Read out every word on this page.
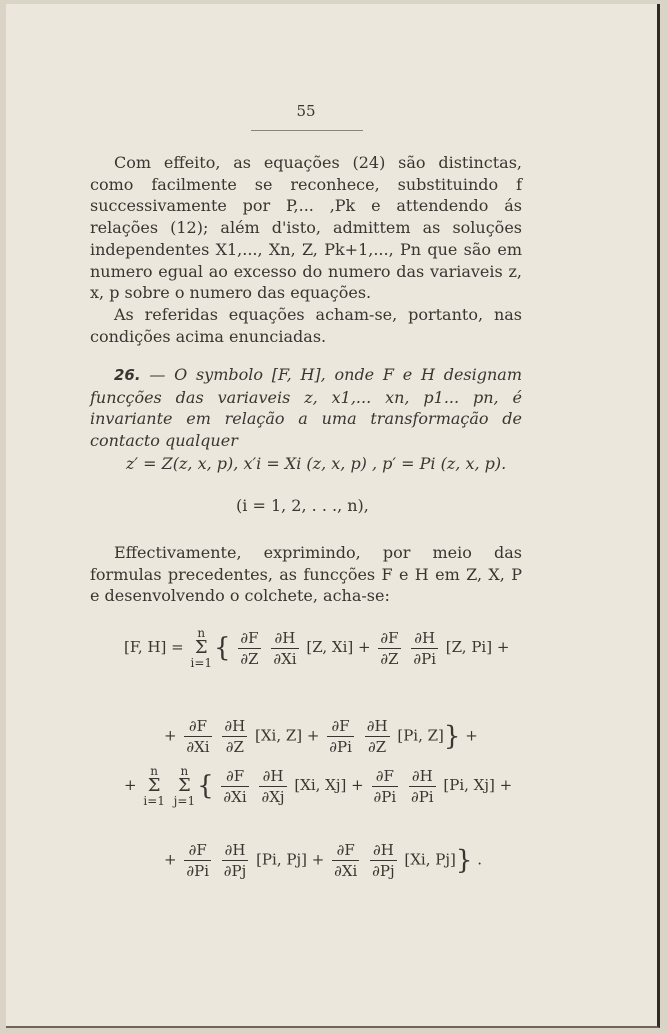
55

Com effeito, as equações (24) são distinctas, como facilmente se reconhece, substituindo f successivamente por P,... ,Pk e attendendo ás relações (12); além d'isto, admittem as soluções independentes X1,..., Xn, Z, Pk+1,..., Pn que são em numero egual ao excesso do numero das variaveis z, x, p sobre o numero das equações.

As referidas equações acham-se, portanto, nas condições acima enunciadas.

26. — O symbolo [F, H], onde F e H designam funcções das variaveis z, x1,... xn, p1... pn, é invariante em relação a uma transformação de contacto qualquer

z′ = Z(z, x, p), x′i = Xi (z, x, p) , p′ = Pi (z, x, p).
(i = 1, 2, . . ., n),

Effectivamente, exprimindo, por meio das formulas precedentes, as funcções F e H em Z, X, P e desenvolvendo o colchete, acha-se:

[F, H] = n
Σ
$i=1\{ \frac{\partial F}{\partial Z}$
$\frac{\partial H}{\partial Xi} [Z$, $Xi] + \frac{\partial F}{\partial Z}$
$\frac{\partial H}{\partial Pi} [Z$, Pi] +
+ $\frac{\partial F}{\partial Xi}$
$\frac{\partial H}{\partial Z} [Xi$, $Z] + \frac{\partial F}{\partial Pi}$
$\frac{\partial H}{\partial Z} [Pi$, Z]} +
+ n
Σ
i=1 n
Σ
$j=1\{ \frac{\partial F}{\partial Xi}$
$\frac{\partial H}{\partial Xj} [Xi$, $Xj] + \frac{\partial F}{\partial Pi}$
$\frac{\partial H}{\partial Pi} [Pi$, Xj] +
+ $\frac{\partial F}{\partial Pi}$
$\frac{\partial H}{\partial Pj} [Pi$, $Pj] + \frac{\partial F}{\partial Xi}$
$\frac{\partial H}{\partial Pj} [Xi$, Pj]} .
